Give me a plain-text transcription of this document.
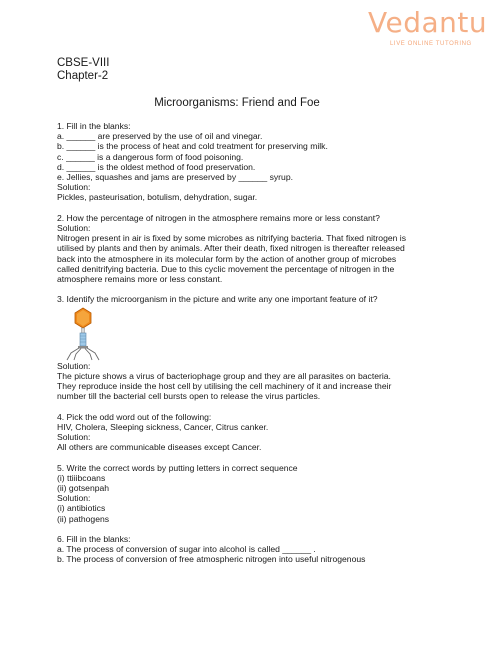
Vedantu
LIVE ONLINE TUTORING
CBSE-VIII
Chapter-2
Microorganisms: Friend and Foe
1. Fill in the blanks:
a. ______ are preserved by the use of oil and vinegar.
b. ______ is the process of heat and cold treatment for preserving milk.
c. ______ is a dangerous form of food poisoning.
d. ______ is the oldest method of food preservation.
e. Jellies, squashes and jams are preserved by ______ syrup.
Solution:
Pickles, pasteurisation, botulism, dehydration, sugar.
2. How the percentage of nitrogen in the atmosphere remains more or less constant?
Solution:
Nitrogen present in air is fixed by some microbes as nitrifying bacteria. That fixed nitrogen is
utilised by plants and then by animals. After their death, fixed nitrogen is thereafter released
back into the atmosphere in its molecular form by the action of another group of microbes
called denitrifying bacteria. Due to this cyclic movement the percentage of nitrogen in the
atmosphere remains more or less constant.
3. Identify the microorganism in the picture and write any one important feature of it?
Solution:
The picture shows a virus of bacteriophage group and they are all parasites on bacteria.
They reproduce inside the host cell by utilising the cell machinery of it and increase their
number till the bacterial cell bursts open to release the virus particles.
4. Pick the odd word out of the following:
HIV, Cholera, Sleeping sickness, Cancer, Citrus canker.
Solution:
All others are communicable diseases except Cancer.
5. Write the correct words by putting letters in correct sequence
(i) ttiiibcoans
(ii) gotsenpah
Solution:
(i) antibiotics
(ii) pathogens
6. Fill in the blanks:
a. The process of conversion of sugar into alcohol is called ______ .
b. The process of conversion of free atmospheric nitrogen into useful nitrogenous
